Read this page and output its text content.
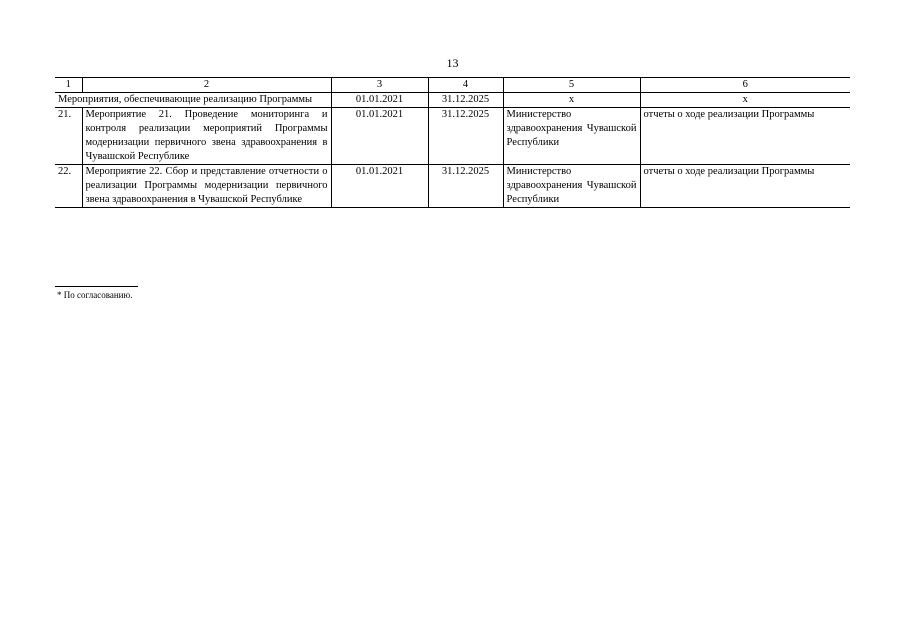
13
1	2	3	4	5	6
Мероприятия, обеспечивающие реализацию Программы		01.01.2021	31.12.2025	x	x
21.	Мероприятие 21. Проведение мониторинга и контроля реализации мероприятий Программы модернизации первичного звена здравоохранения в Чувашской Республике	01.01.2021	31.12.2025	Министерство здравоохранения Чувашской Республики	отчеты о ходе реализации Программы
22.	Мероприятие 22. Сбор и представление отчетности о реализации Программы модернизации первичного звена здравоохранения в Чувашской Республике	01.01.2021	31.12.2025	Министерство здравоохранения Чувашской Республики	отчеты о ходе реализации Программы
* По согласованию.
